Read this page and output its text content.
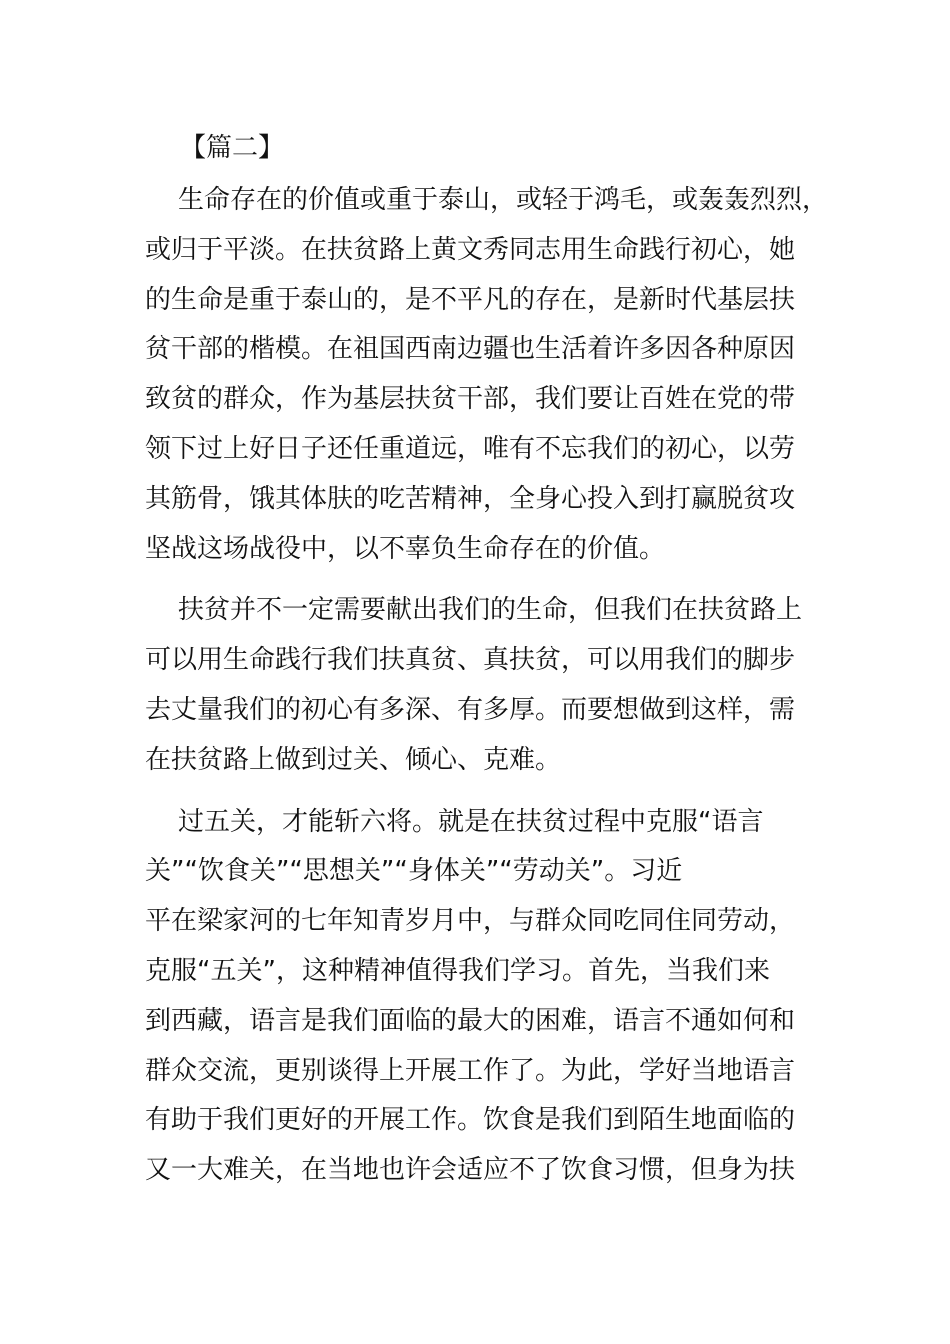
【篇二】
生命存在的价值或重于泰山，或轻于鸿毛，或轰轰烈烈，
或归于平淡。在扶贫路上黄文秀同志用生命践行初心，她
的生命是重于泰山的，是不平凡的存在，是新时代基层扶
贫干部的楷模。在祖国西南边疆也生活着许多因各种原因
致贫的群众，作为基层扶贫干部，我们要让百姓在党的带
领下过上好日子还任重道远，唯有不忘我们的初心，以劳
其筋骨，饿其体肤的吃苦精神，全身心投入到打赢脱贫攻
坚战这场战役中，以不辜负生命存在的价值。
扶贫并不一定需要献出我们的生命，但我们在扶贫路上
可以用生命践行我们扶真贫、真扶贫，可以用我们的脚步
去丈量我们的初心有多深、有多厚。而要想做到这样，需
在扶贫路上做到过关、倾心、克难。
过五关，才能斩六将。就是在扶贫过程中克服“语言
关”“饮食关”“思想关”“身体关”“劳动关”。习近
平在梁家河的七年知青岁月中，与群众同吃同住同劳动，
克服“五关”，这种精神值得我们学习。首先，当我们来
到西藏，语言是我们面临的最大的困难，语言不通如何和
群众交流，更别谈得上开展工作了。为此，学好当地语言
有助于我们更好的开展工作。饮食是我们到陌生地面临的
又一大难关，在当地也许会适应不了饮食习惯，但身为扶
